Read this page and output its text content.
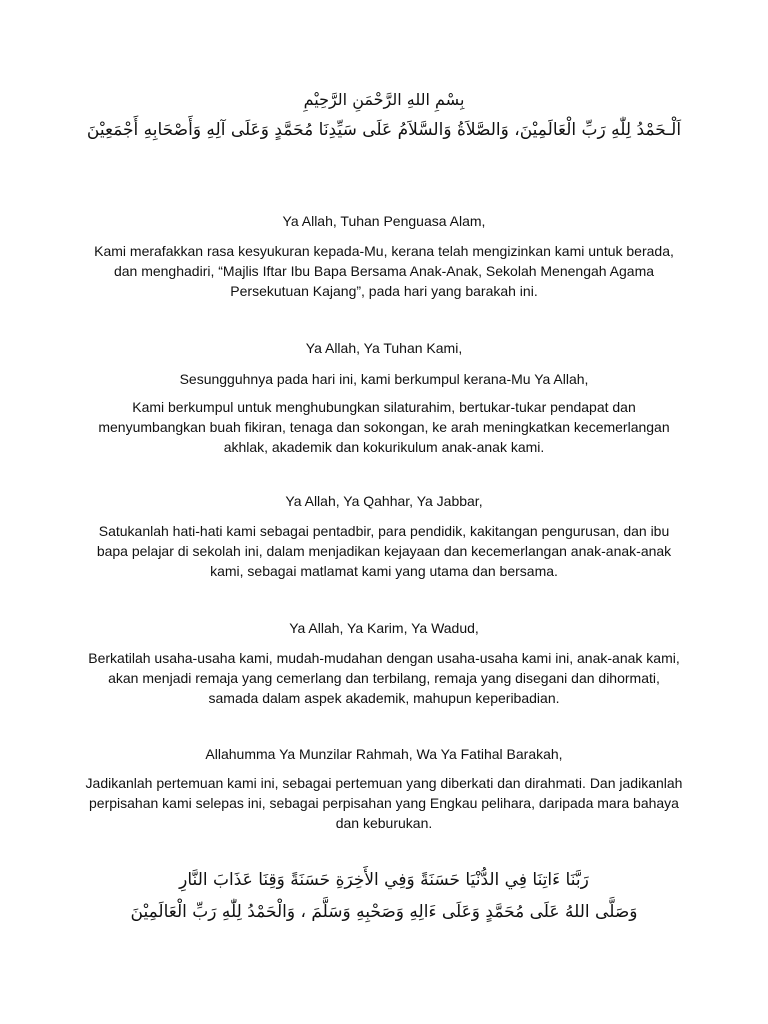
بِسْمِ اللهِ الرَّحْمَنِ الرَّحِيْمِ
اَلْـحَمْدُ لِلّٰهِ رَبِّ الْعَالَمِيْنَ، وَالصَّلاَةُ وَالسَّلاَمُ عَلَى سَيِّدِنَا مُحَمَّدٍ وَعَلَى آلِهِ وَأَصْحَابِهِ أَجْمَعِيْنَ
Ya Allah, Tuhan Penguasa Alam,
Kami merafakkan rasa kesyukuran kepada-Mu, kerana telah mengizinkan kami untuk berada, dan menghadiri, “Majlis Iftar Ibu Bapa Bersama Anak-Anak, Sekolah Menengah Agama Persekutuan Kajang”, pada hari yang barakah ini.
Ya Allah, Ya Tuhan Kami,
Sesungguhnya pada hari ini, kami berkumpul kerana-Mu Ya Allah,
Kami berkumpul untuk menghubungkan silaturahim, bertukar-tukar pendapat dan menyumbangkan buah fikiran, tenaga dan sokongan, ke arah meningkatkan kecemerlangan akhlak, akademik dan kokurikulum anak-anak kami.
Ya Allah, Ya Qahhar, Ya Jabbar,
Satukanlah hati-hati kami sebagai pentadbir, para pendidik, kakitangan pengurusan, dan ibu bapa pelajar di sekolah ini, dalam menjadikan kejayaan dan kecemerlangan anak-anak-anak kami, sebagai matlamat kami yang utama dan bersama.
Ya Allah, Ya Karim, Ya Wadud,
Berkatilah usaha-usaha kami, mudah-mudahan dengan usaha-usaha kami ini, anak-anak kami, akan menjadi remaja yang cemerlang dan terbilang, remaja yang disegani dan dihormati, samada dalam aspek akademik, mahupun keperibadian.
Allahumma Ya Munzilar Rahmah, Wa Ya Fatihal Barakah,
Jadikanlah pertemuan kami ini, sebagai pertemuan yang diberkati dan dirahmati. Dan jadikanlah perpisahan kami selepas ini, sebagai perpisahan yang Engkau pelihara, daripada mara bahaya dan keburukan.
رَبَّنَا ءَاتِنَا فِي الدُّنْيَا حَسَنَةً وَفِي الأَخِرَةِ حَسَنَةً وَقِنَا عَذَابَ النَّارِ
وَصَلَّى اللهُ عَلَى مُحَمَّدٍ وَعَلَى ءَالِهِ وَصَحْبِهِ وَسَلَّمَ ، وَالْحَمْدُ لِلّٰهِ رَبِّ الْعَالَمِيْنَ
